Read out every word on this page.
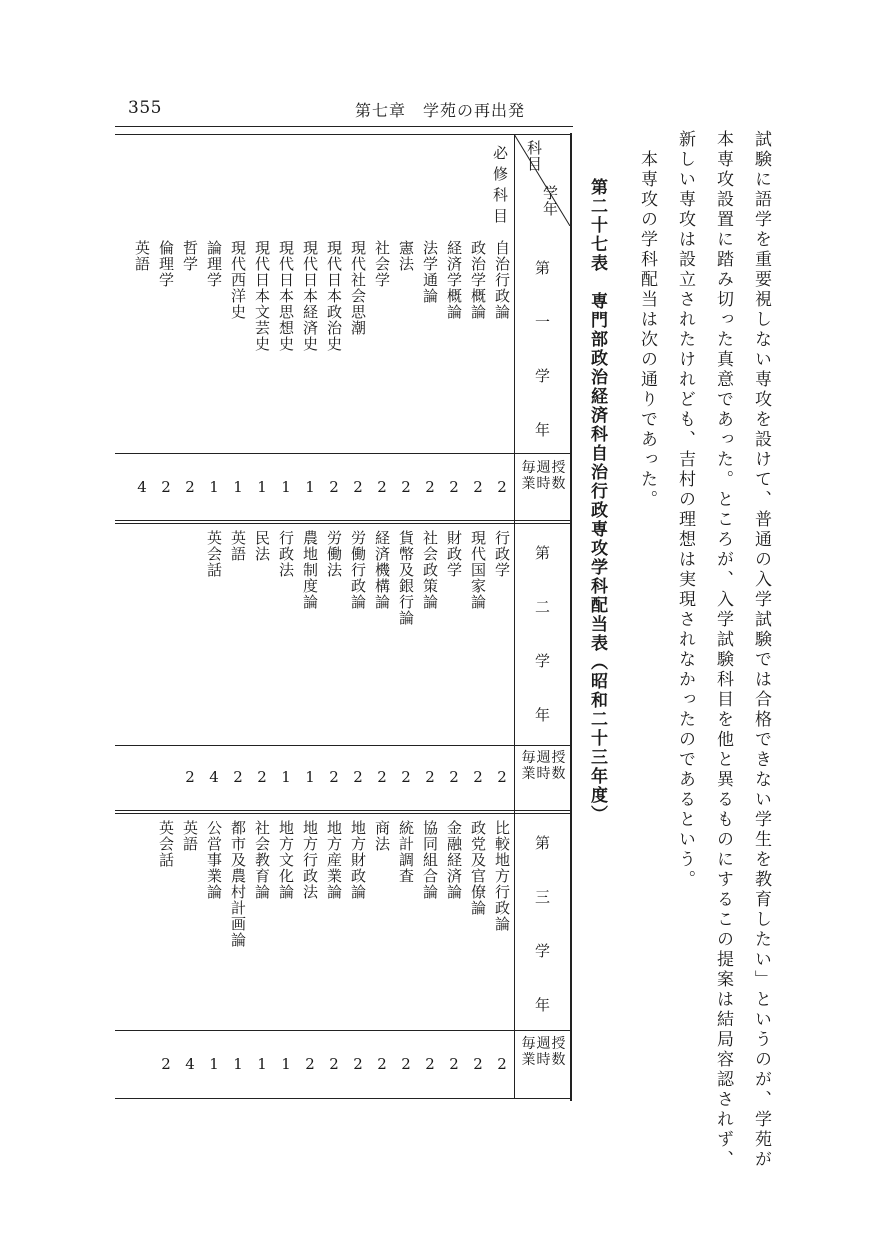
355	第七章　学苑の再出発
試験に語学を重要視しない専攻を設けて、普通の入学試験では合格できない学生を教育したい」というのが、学苑が
本専攻設置に踏み切った真意であった。ところが、入学試験科目を他と異るものにするこの提案は結局容認されず、
新しい専攻は設立されたけれども、吉村の理想は実現されなかったのであるという。
　本専攻の学科配当は次の通りであった。
第二十七表　専門部政治経済科自治行政専攻学科配当表（昭和二十三年度）
学年
科目
必修科目
第　一　学　年
毎週授業時数
自治行政論
政治学概論
経済学概論
法学通論
憲法
社会学
現代社会思潮
現代日本政治史
現代日本経済史
現代日本思想史
現代日本文芸史
現代西洋史
論理学
哲学
倫理学
英語
2
2
2
2
2
2
2
2
1
1
1
1
1
2
2
4
第　二　学　年
毎週授業時数
行政学
現代国家論
財政学
社会政策論
貨幣及銀行論
経済機構論
労働行政論
労働法
農地制度論
行政法
民法
英語
英会話
2
2
2
2
2
2
2
2
1
1
2
2
4
2
第　三　学　年
毎週授業時数
比較地方行政論
政党及官僚論
金融経済論
協同組合論
統計調査
商法
地方財政論
地方産業論
地方行政法
地方文化論
社会教育論
都市及農村計画論
公営事業論
英語
英会話
2
2
2
2
2
2
2
2
2
1
1
1
1
4
2
